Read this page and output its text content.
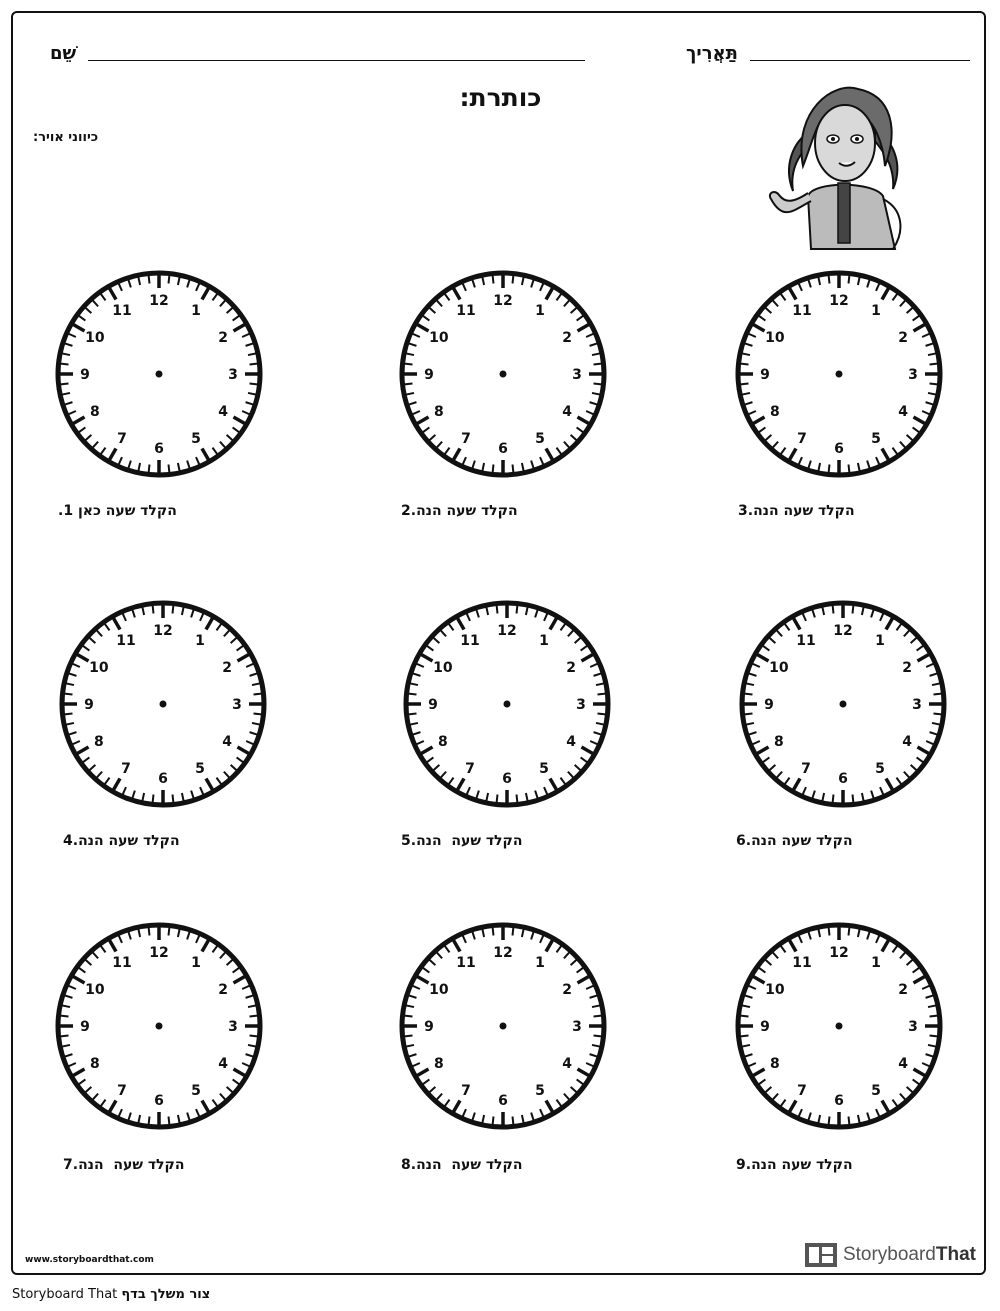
שֵׁם	תַּאֲרִיך
כותרת:
כיווני אויר:
12
1
2
3
4
5
6
7
8
9
10
11
הקלד שעה כאן 1.
12
1
2
3
4
5
6
7
8
9
10
11
הקלד שעה הנה.2
12
1
2
3
4
5
6
7
8
9
10
11
הקלד שעה הנה.3
12
1
2
3
4
5
6
7
8
9
10
11
הקלד שעה הנה.4
12
1
2
3
4
5
6
7
8
9
10
11
הקלד שעה  הנה.5
12
1
2
3
4
5
6
7
8
9
10
11
הקלד שעה הנה.6
12
1
2
3
4
5
6
7
8
9
10
11
הקלד שעה  הנה.7
12
1
2
3
4
5
6
7
8
9
10
11
הקלד שעה  הנה.8
12
1
2
3
4
5
6
7
8
9
10
11
הקלד שעה הנה.9
www.storyboardthat.com	StoryboardThat
צור משלך בדף Storyboard That
